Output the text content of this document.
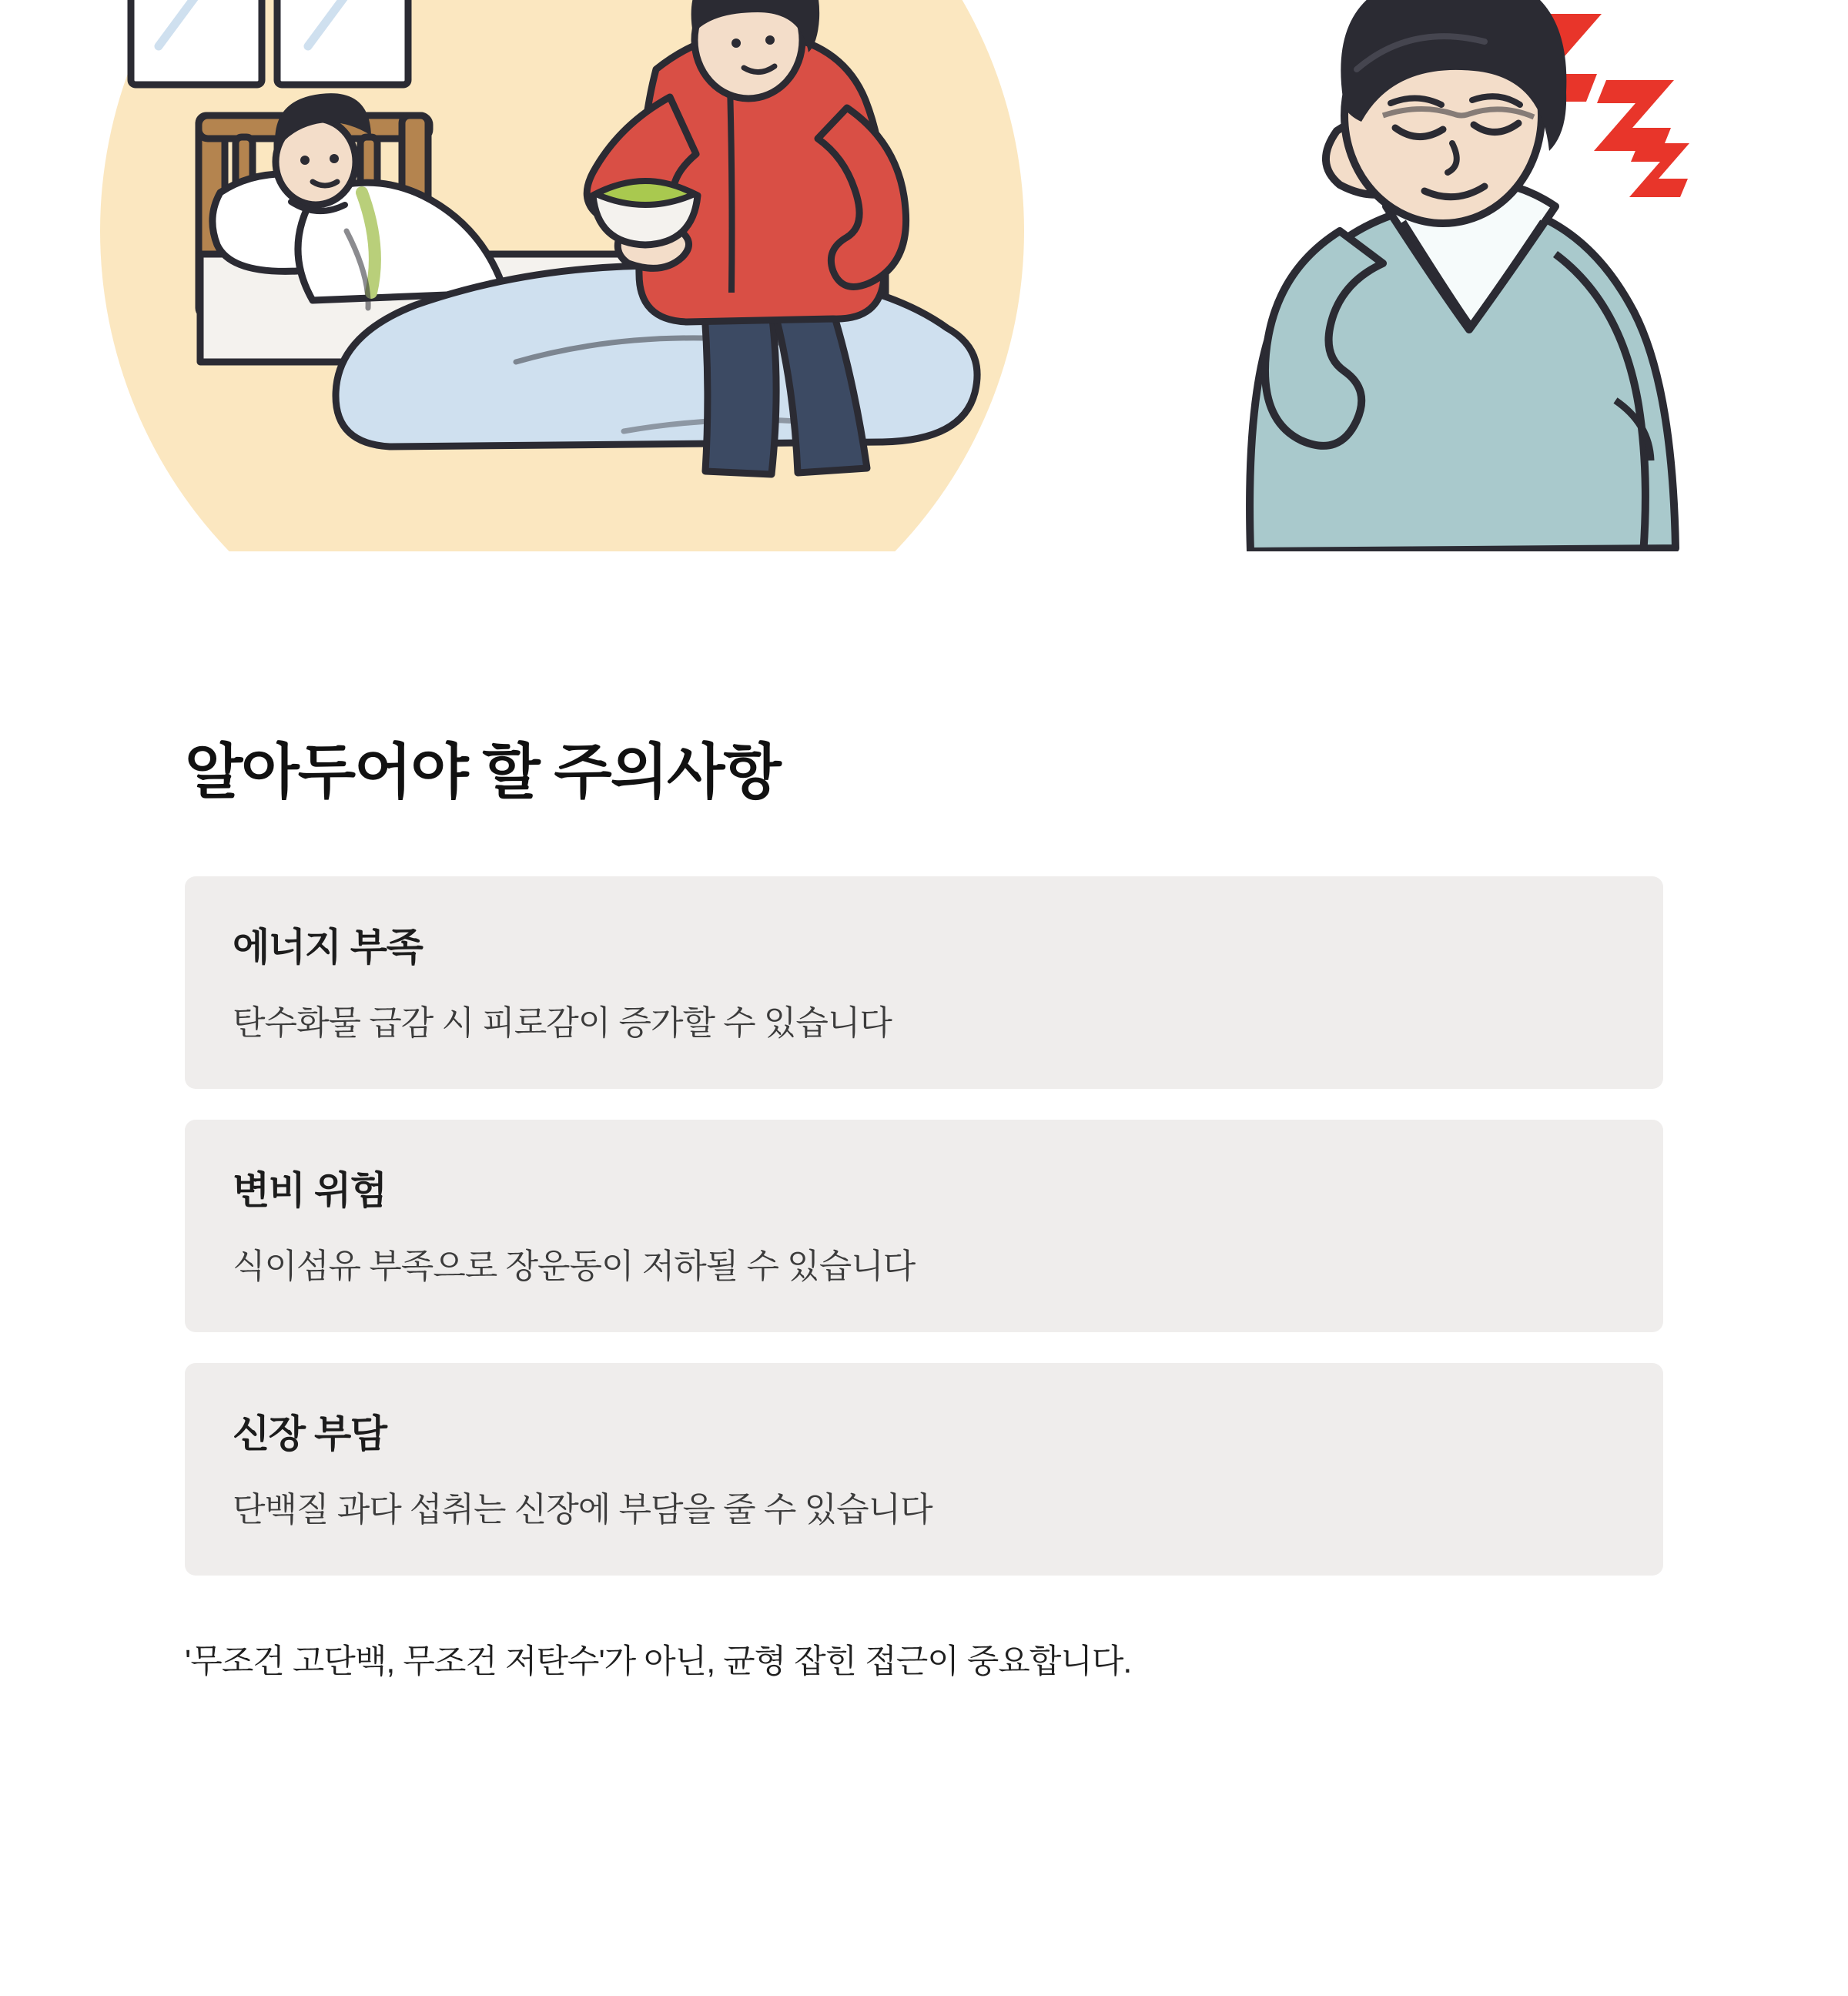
알아두어야 할 주의사항
에너지 부족
탄수화물 급감 시 피로감이 증가할 수 있습니다
변비 위험
식이섬유 부족으로 장운동이 저하될 수 있습니다
신장 부담
단백질 과다 섭취는 신장에 부담을 줄 수 있습니다

'무조건 고단백, 무조건 저탄수'가 아닌, 균형 잡힌 접근이 중요합니다.
